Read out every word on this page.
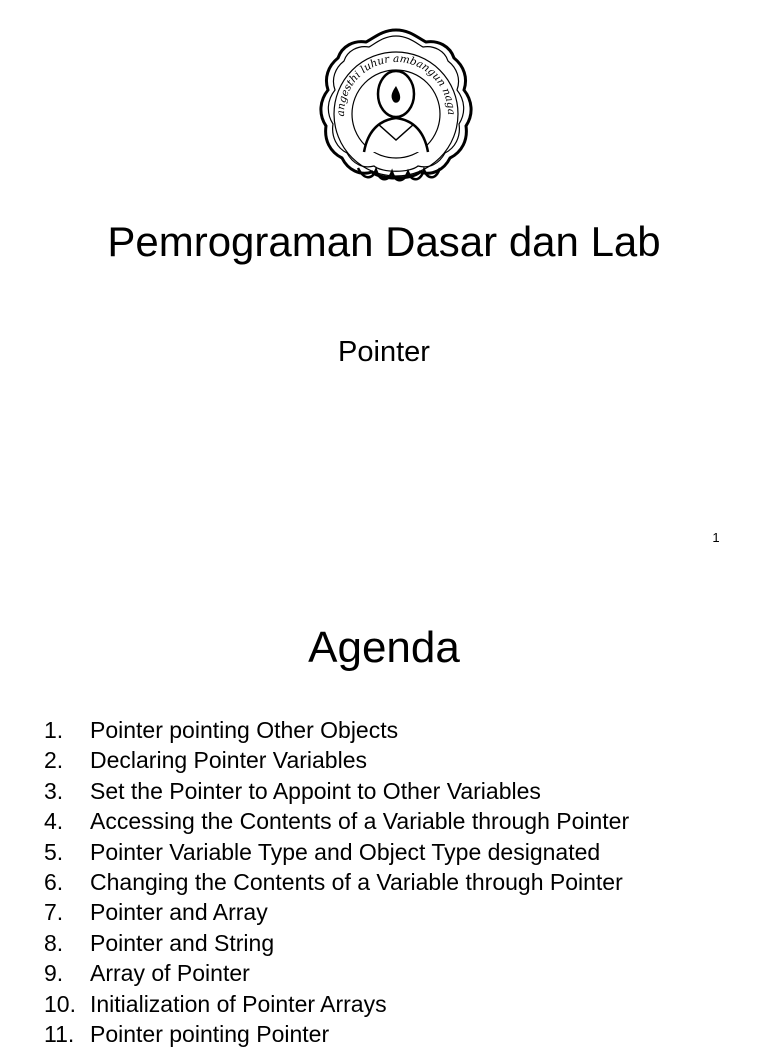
angesthi luhur ambangun naga
Pemrograman Dasar dan Lab
Pointer
1
Agenda
1.	Pointer pointing Other Objects
2.	Declaring Pointer Variables
3.	Set the Pointer to Appoint to Other Variables
4.	Accessing the Contents of a Variable through Pointer
5.	Pointer Variable Type and Object Type designated
6.	Changing the Contents of a Variable through Pointer
7.	Pointer and Array
8.	Pointer and String
9.	Array of Pointer
10. Initialization of Pointer Arrays
11. Pointer pointing Pointer
